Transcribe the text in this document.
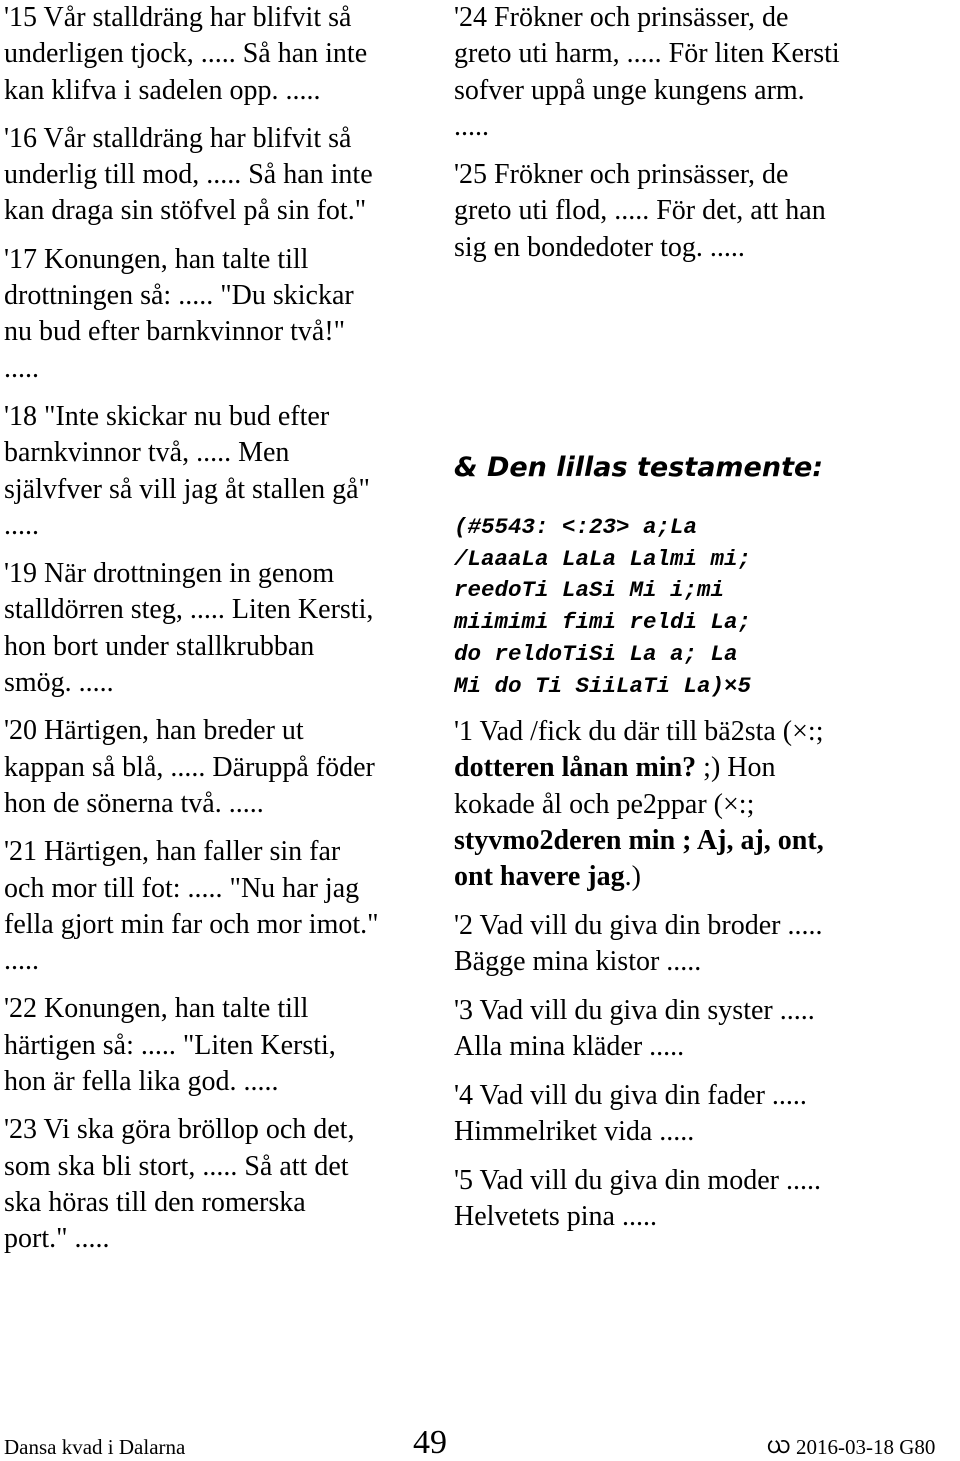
'15 Vår stalldräng har blifvit så underligen tjock, ..... Så han inte kan klifva i sadelen opp. .....

'16 Vår stalldräng har blifvit så underlig till mod, ..... Så han inte kan draga sin stöfvel på sin fot."

'17 Konungen, han talte till drottningen så: ..... "Du skickar nu bud efter barnkvinnor två!" .....

'18 "Inte skickar nu bud efter barnkvinnor två, ..... Men självfver så vill jag åt stallen gå" .....

'19 När drottningen in genom stalldörren steg, ..... Liten Kersti, hon bort under stallkrubban smög. .....

'20 Härtigen, han breder ut kappan så blå, ..... Däruppå föder hon de sönerna två. .....

'21 Härtigen, han faller sin far och mor till fot: ..... "Nu har jag fella gjort min far och mor imot." .....

'22 Konungen, han talte till härtigen så: ..... "Liten Kersti, hon är fella lika god. .....

'23 Vi ska göra bröllop och det, som ska bli stort, ..... Så att det ska höras till den romerska port." .....

'24 Frökner och prinsässer, de greto uti harm, ..... För liten Kersti sofver uppå unge kungens arm. .....

'25 Frökner och prinsässer, de greto uti flod, ..... För det, att han sig en bondedoter tog. .....

& Den lillas testamente:
(#5543: <:23> a;La
/LaaaLa LaLa Lalmi mi;
reedoTi LaSi Mi i;mi
miimimi fimi reldi La;
do reldoTiSi La a; La
Mi do Ti SiiLaTi La)×5

'1 Vad /fick du där till bä2sta (×:; dotteren lånan min? ;) Hon kokade ål och pe2ppar (×:; styvmo2deren min ; Aj, aj, ont, ont havere jag.)

'2 Vad vill du giva din broder ..... Bägge mina kistor .....

'3 Vad vill du giva din syster ..... Alla mina kläder .....

'4 Vad vill du giva din fader ..... Himmelriket vida .....

'5 Vad vill du giva din moder ..... Helvetets pina .....

Dansa kvad i Dalarna	49	ᨿ 2016-03-18 G80
